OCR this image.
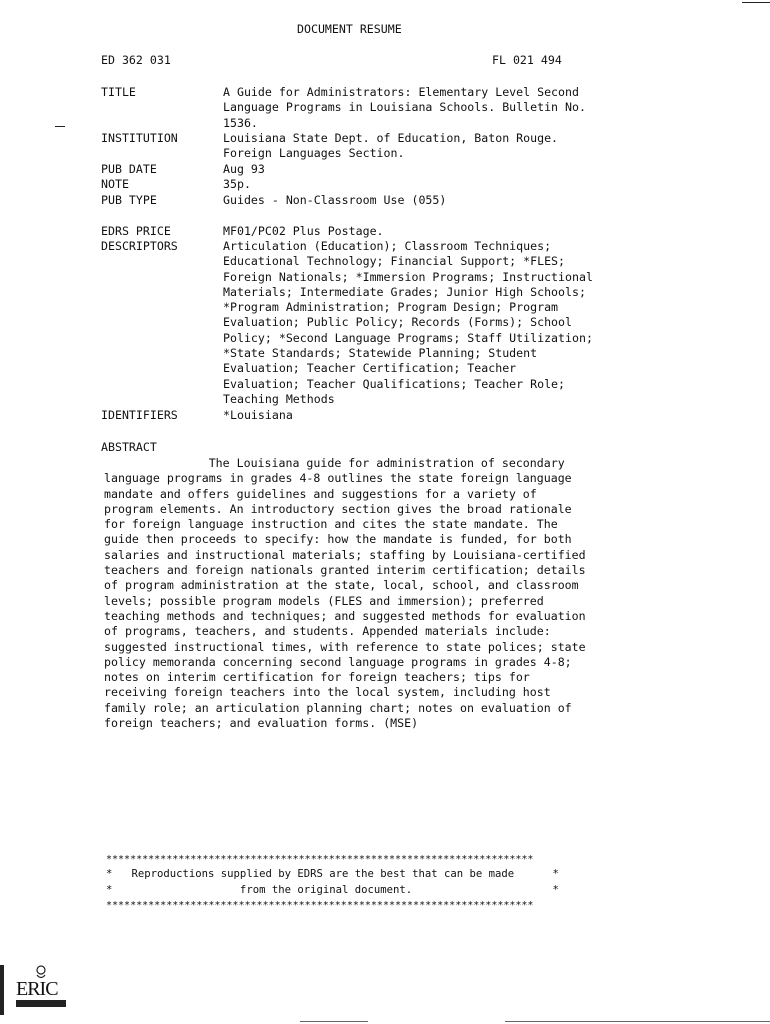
DOCUMENT RESUME
ED 362 031	FL 021 494
TITLE
INSTITUTION
PUB DATE
NOTE
PUB TYPE
EDRS PRICE
DESCRIPTORS
IDENTIFIERS
A Guide for Administrators: Elementary Level Second
Language Programs in Louisiana Schools. Bulletin No.
1536.
Louisiana State Dept. of Education, Baton Rouge.
Foreign Languages Section.
Aug 93
35p.
Guides - Non-Classroom Use (055)
MF01/PC02 Plus Postage.
Articulation (Education); Classroom Techniques;
Educational Technology; Financial Support; *FLES;
Foreign Nationals; *Immersion Programs; Instructional
Materials; Intermediate Grades; Junior High Schools;
*Program Administration; Program Design; Program
Evaluation; Public Policy; Records (Forms); School
Policy; *Second Language Programs; Staff Utilization;
*State Standards; Statewide Planning; Student
Evaluation; Teacher Certification; Teacher
Evaluation; Teacher Qualifications; Teacher Role;
Teaching Methods
*Louisiana
ABSTRACT
The Louisiana guide for administration of secondary
language programs in grades 4-8 outlines the state foreign language
mandate and offers guidelines and suggestions for a variety of
program elements. An introductory section gives the broad rationale
for foreign language instruction and cites the state mandate. The
guide then proceeds to specify: how the mandate is funded, for both
salaries and instructional materials; staffing by Louisiana-certified
teachers and foreign nationals granted interim certification; details
of program administration at the state, local, school, and classroom
levels; possible program models (FLES and immersion); preferred
teaching methods and techniques; and suggested methods for evaluation
of programs, teachers, and students. Appended materials include:
suggested instructional times, with reference to state polices; state
policy memoranda concerning second language programs in grades 4-8;
notes on interim certification for foreign teachers; tips for
receiving foreign teachers into the local system, including host
family role; an articulation planning chart; notes on evaluation of
foreign teachers; and evaluation forms. (MSE)
***********************************************************************
*   Reproductions supplied by EDRS are the best that can be made      *
*                    from the original document.                      *
***********************************************************************
ERIC
